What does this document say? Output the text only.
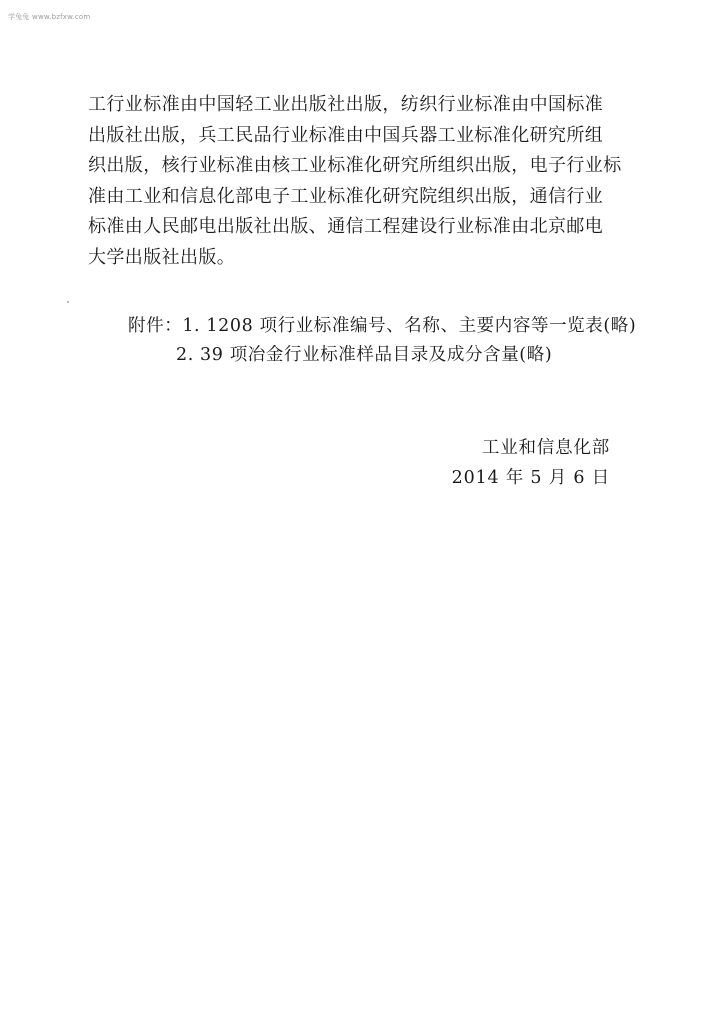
学兔兔 www.bzfxw.com
工行业标准由中国轻工业出版社出版，纺织行业标准由中国标准
出版社出版，兵工民品行业标准由中国兵器工业标准化研究所组
织出版，核行业标准由核工业标准化研究所组织出版，电子行业标
准由工业和信息化部电子工业标准化研究院组织出版，通信行业
标准由人民邮电出版社出版、通信工程建设行业标准由北京邮电
大学出版社出版。
附件：1. 1208 项行业标准编号、名称、主要内容等一览表(略)
2. 39 项冶金行业标准样品目录及成分含量(略)
工业和信息化部
2014 年 5 月 6 日
